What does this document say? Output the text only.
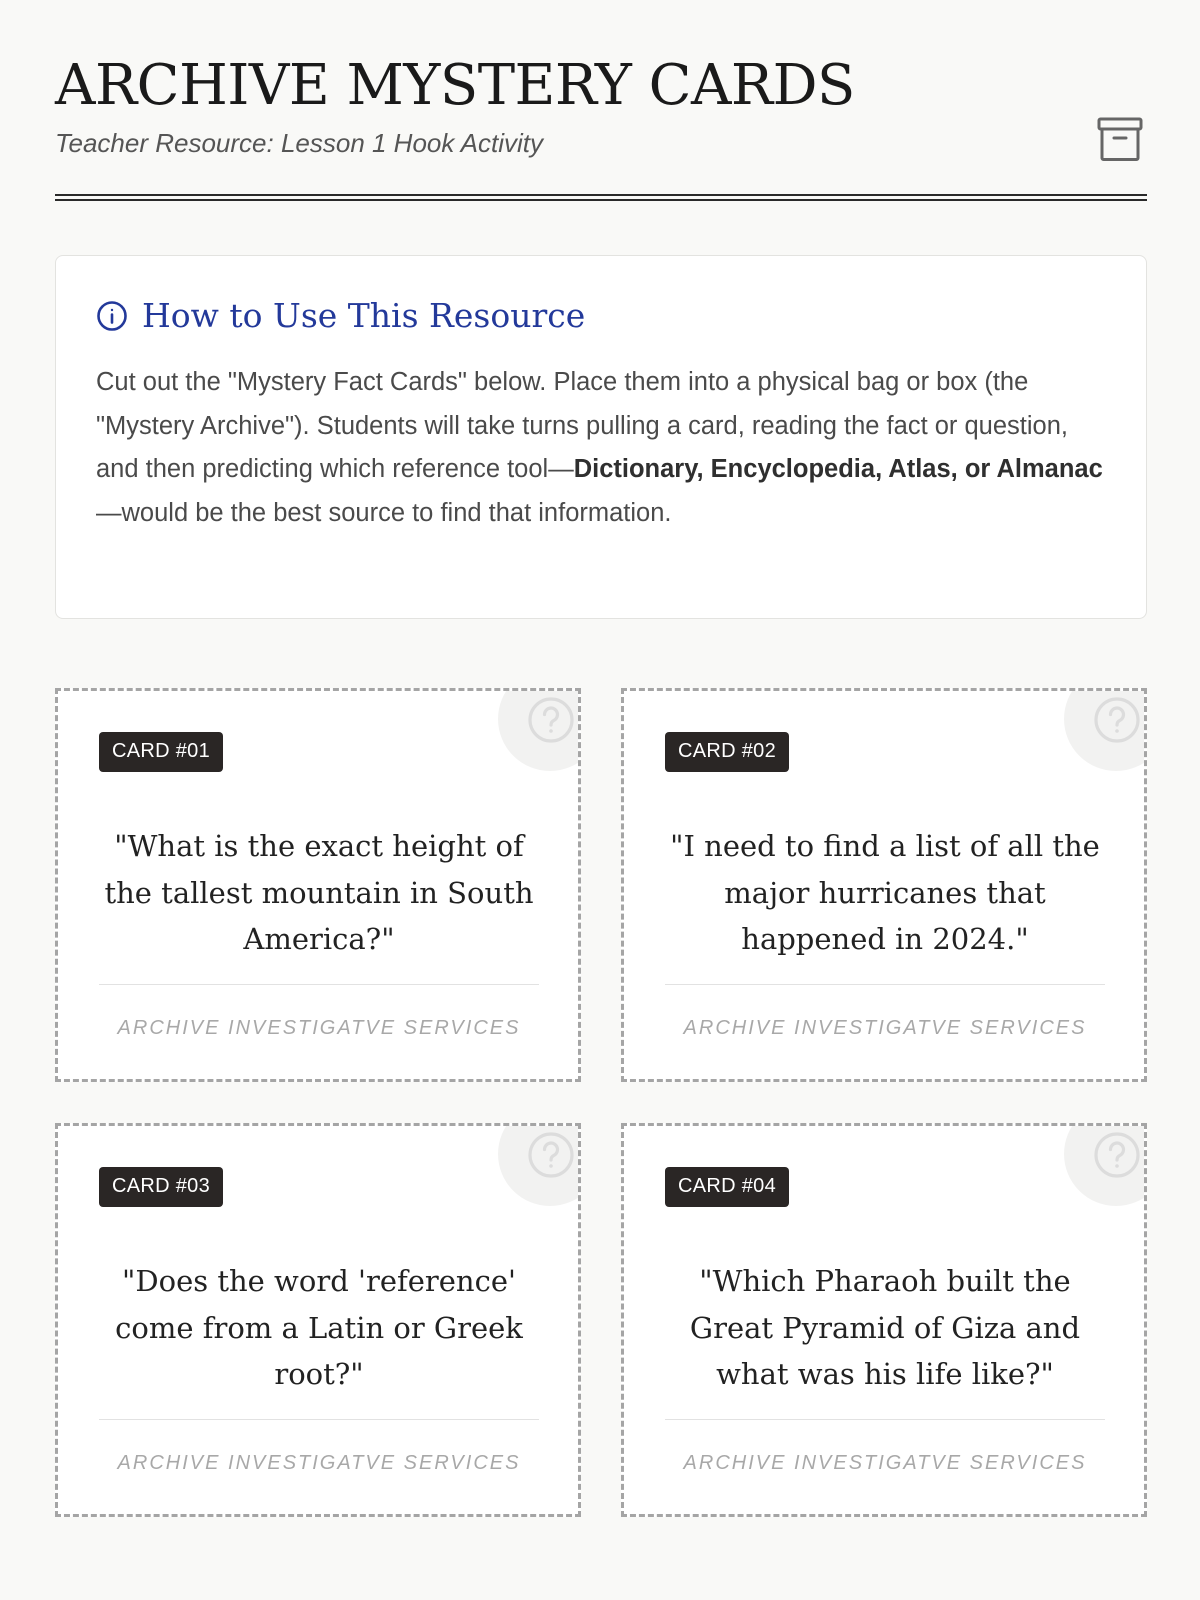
ARCHIVE MYSTERY CARDS
Teacher Resource: Lesson 1 Hook Activity
How to Use This Resource

Cut out the "Mystery Fact Cards" below. Place them into a physical bag or box (the "Mystery Archive"). Students will take turns pulling a card, reading the fact or question, and then predicting which reference tool—Dictionary, Encyclopedia, Atlas, or Almanac—would be the best source to find that information.

CARD #01
"What is the exact height of the tallest mountain in South America?"
ARCHIVE INVESTIGATVE SERVICES
CARD #02
"I need to find a list of all the major hurricanes that happened in 2024."
ARCHIVE INVESTIGATVE SERVICES
CARD #03
"Does the word 'reference' come from a Latin or Greek root?"
ARCHIVE INVESTIGATVE SERVICES
CARD #04
"Which Pharaoh built the Great Pyramid of Giza and what was his life like?"
ARCHIVE INVESTIGATVE SERVICES
